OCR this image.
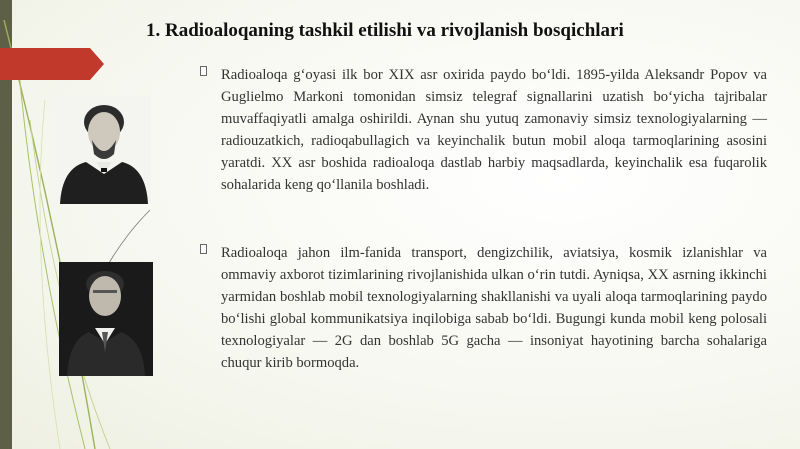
1. Radioaloqaning tashkil etilishi va rivojlanish bosqichlari

Radioaloqa g‘oyasi ilk bor XIX asr oxirida paydo bo‘ldi. 1895-yilda Aleksandr Popov va Guglielmo Markoni tomonidan simsiz telegraf signallarini uzatish bo‘yicha tajribalar muvaffaqiyatli amalga oshirildi. Aynan shu yutuq zamonaviy simsiz texnologiyalarning — radiouzatkich, radioqabullagich va keyinchalik butun mobil aloqa tarmoqlarining asosini yaratdi. XX asr boshida radioaloqa dastlab harbiy maqsadlarda, keyinchalik esa fuqarolik sohalarida keng qo‘llanila boshladi.

Radioaloqa jahon ilm-fanida transport, dengizchilik, aviatsiya, kosmik izlanishlar va ommaviy axborot tizimlarining rivojlanishida ulkan o‘rin tutdi. Ayniqsa, XX asrning ikkinchi yarmidan boshlab mobil texnologiyalarning shakllanishi va uyali aloqa tarmoqlarining paydo bo‘lishi global kommunikatsiya inqilobiga sabab bo‘ldi. Bugungi kunda mobil keng polosali texnologiyalar — 2G dan boshlab 5G gacha — insoniyat hayotining barcha sohalariga chuqur kirib bormoqda.
